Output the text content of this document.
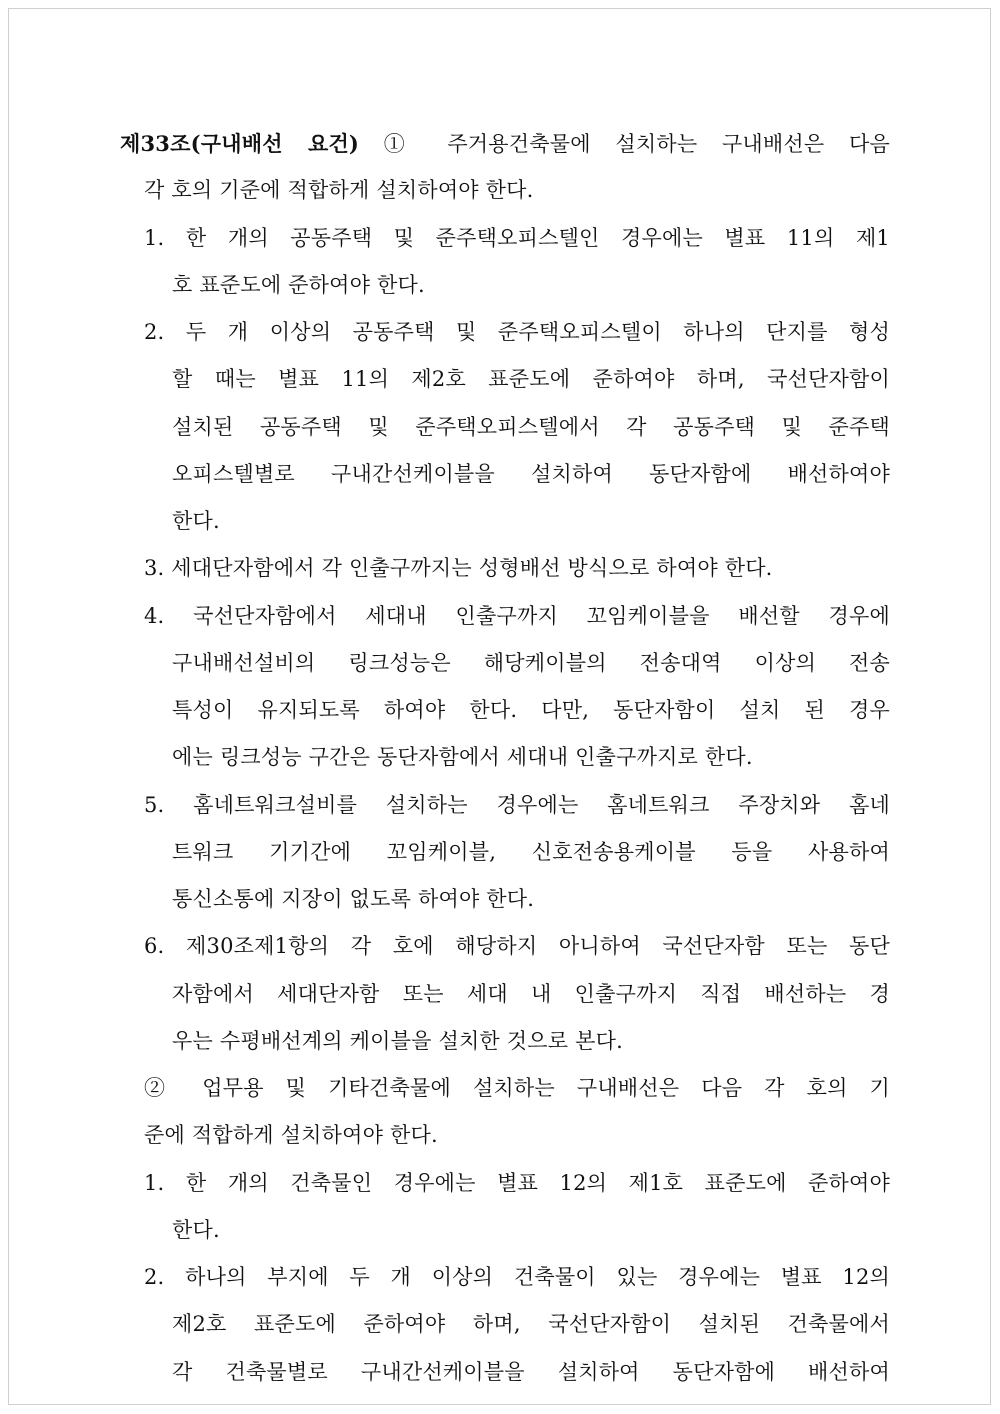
제33조(구내배선 요건) ① 주거용건축물에 설치하는 구내배선은 다음
각 호의 기준에 적합하게 설치하여야 한다.
1. 한 개의 공동주택 및 준주택오피스텔인 경우에는 별표 11의 제1
호 표준도에 준하여야 한다.
2. 두 개 이상의 공동주택 및 준주택오피스텔이 하나의 단지를 형성
할 때는 별표 11의 제2호 표준도에 준하여야 하며, 국선단자함이
설치된 공동주택 및 준주택오피스텔에서 각 공동주택 및 준주택
오피스텔별로 구내간선케이블을 설치하여 동단자함에 배선하여야
한다.
3. 세대단자함에서 각 인출구까지는 성형배선 방식으로 하여야 한다.
4. 국선단자함에서 세대내 인출구까지 꼬임케이블을 배선할 경우에
구내배선설비의 링크성능은 해당케이블의 전송대역 이상의 전송
특성이 유지되도록 하여야 한다. 다만, 동단자함이 설치 된 경우
에는 링크성능 구간은 동단자함에서 세대내 인출구까지로 한다.
5. 홈네트워크설비를 설치하는 경우에는 홈네트워크 주장치와 홈네
트워크 기기간에 꼬임케이블, 신호전송용케이블 등을 사용하여
통신소통에 지장이 없도록 하여야 한다.
6. 제30조제1항의 각 호에 해당하지 아니하여 국선단자함 또는 동단
자함에서 세대단자함 또는 세대 내 인출구까지 직접 배선하는 경
우는 수평배선계의 케이블을 설치한 것으로 본다.
② 업무용 및 기타건축물에 설치하는 구내배선은 다음 각 호의 기
준에 적합하게 설치하여야 한다.
1. 한 개의 건축물인 경우에는 별표 12의 제1호 표준도에 준하여야
한다.
2. 하나의 부지에 두 개 이상의 건축물이 있는 경우에는 별표 12의
제2호 표준도에 준하여야 하며, 국선단자함이 설치된 건축물에서
각 건축물별로 구내간선케이블을 설치하여 동단자함에 배선하여
